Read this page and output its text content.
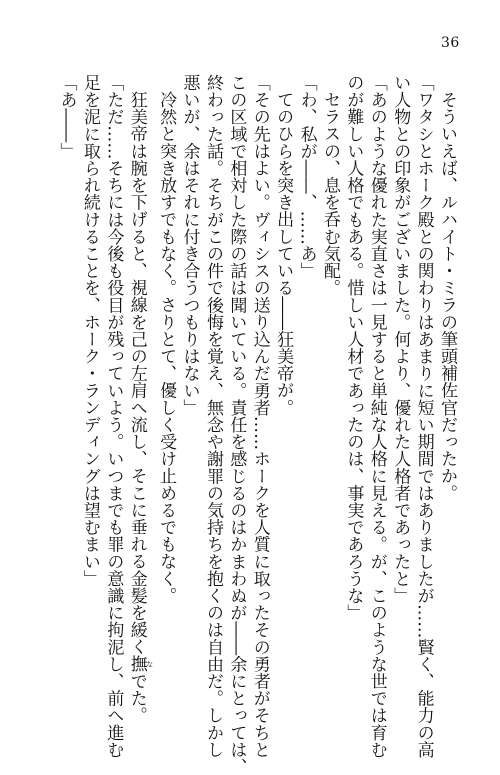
36
そういえば、ルハイト・ミラの筆頭補佐官だったか。
「ワタシとホーク殿との関わりはあまりに短い期間ではありましたが……賢く、能力の高
い人物との印象がございました。何より、優れた人格者であったと」
「あのような優れた実直さは一見すると単純な人格に見える。が、このような世では育む
のが難しい人格でもある。惜しい人材であったのは、事実であろうな」
セラスの、息を呑む気配。
「わ、私が――、……あ」
てのひらを突き出している――狂美帝が。
「その先はよい。ヴィシスの送り込んだ勇者……ホークを人質に取ったその勇者がそちと
この区域で相対した際の話は聞いている。責任を感じるのはかまわぬが――余にとっては、
終わった話。そちがこの件で後悔を覚え、無念や謝罪の気持ちを抱くのは自由だ。しかし
悪いが、余はそれに付き合うつもりはない」
冷然と突き放すでもなく。さりとて、優しく受け止めるでもなく。
狂美帝は腕を下げると、視線を己の左肩へ流し、そこに垂れる金髪を緩く撫 なでた。
「ただ……そちには今後も役目が残っていよう。いつまでも罪の意識に拘泥し、前へ進む
足を泥に取られ続けることを、ホーク・ランディングは望むまい」
「あ――」
